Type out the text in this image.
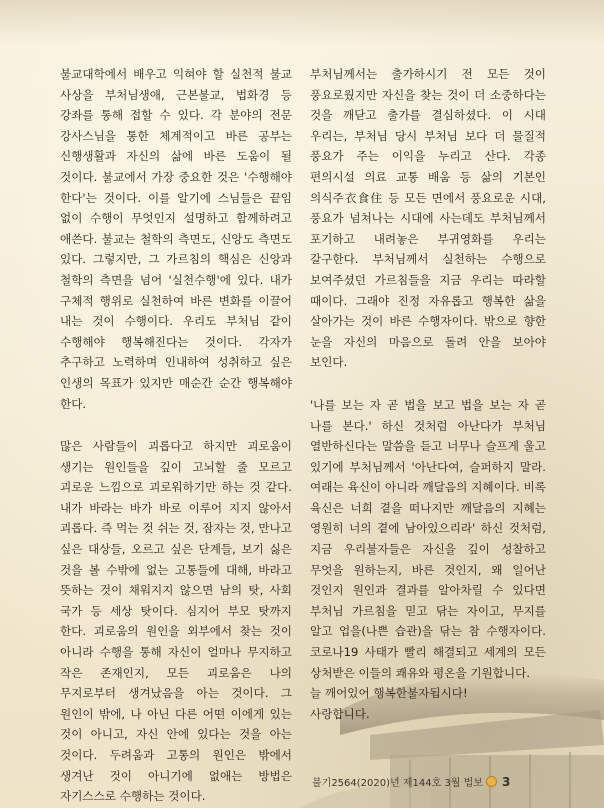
불교대학에서 배우고 익혀야 할 실천적 불교 사상을 부처님생애, 근본불교, 법화경 등 강좌를 통해 접할 수 있다. 각 분야의 전문 강사스님을 통한 체계적이고 바른 공부는 신행생활과 자신의 삶에 바른 도움이 될 것이다. 불교에서 가장 중요한 것은 '수행해야 한다'는 것이다. 이를 알기에 스님들은 끝임 없이 수행이 무엇인지 설명하고 함께하려고 애쓴다. 불교는 철학의 측면도, 신앙도 측면도 있다. 그렇지만, 그 가르침의 핵심은 신앙과 철학의 측면을 넘어 '실천수행'에 있다. 내가 구체적 행위로 실천하여 바른 변화를 이끌어 내는 것이 수행이다. 우리도 부처님 같이 수행해야 행복해진다는 것이다. 각자가 추구하고 노력하며 인내하여 성취하고 싶은 인생의 목표가 있지만 매순간 순간 행복해야 한다.

많은 사람들이 괴롭다고 하지만 괴로움이 생기는 원인들을 깊이 고뇌할 줄 모르고 괴로운 느낌으로 괴로워하기만 하는 것 같다. 내가 바라는 바가 바로 이루어 지지 않아서 괴롭다. 즉 먹는 것 쉬는 것, 잠자는 것, 만나고 싶은 대상들, 오르고 싶은 단계들, 보기 싫은 것을 볼 수밖에 없는 고통들에 대해, 바라고 뜻하는 것이 채워지지 않으면 남의 탓, 사회 국가 등 세상 탓이다. 심지어 부모 탓까지 한다. 괴로움의 원인을 외부에서 찾는 것이 아니라 수행을 통해 자신이 얼마나 무지하고 작은 존재인지, 모든 괴로움은 나의 무지로부터 생겨났음을 아는 것이다. 그 원인이 밖에, 나 아닌 다른 어떤 이에게 있는 것이 아니고, 자신 안에 있다는 것을 아는 것이다. 두려움과 고통의 원인은 밖에서 생겨난 것이 아니기에 없애는 방법은 자기스스로 수행하는 것이다.

부처님께서는 출가하시기 전 모든 것이 풍요로웠지만 자신을 찾는 것이 더 소중하다는 것을 깨닫고 출가를 결심하셨다. 이 시대 우리는, 부처님 당시 부처님 보다 더 물질적 풍요가 주는 이익을 누리고 산다. 각종 편의시설 의료 교통 배움 등 삶의 기본인 의식주衣食住 등 모든 면에서 풍요로운 시대, 풍요가 넘쳐나는 시대에 사는데도 부처님께서 포기하고 내려놓은 부귀영화를 우리는 갈구한다. 부처님께서 실천하는 수행으로 보여주셨던 가르침들을 지금 우리는 따라할 때이다. 그래야 진정 자유롭고 행복한 삶을 살아가는 것이 바른 수행자이다. 밖으로 향한 눈을 자신의 마음으로 돌려 안을 보아야 보인다.

'나를 보는 자 곧 법을 보고 법을 보는 자 곧 나를 본다.' 하신 것처럼 아난다가 부처님 열반하신다는 말씀을 듣고 너무나 슬프게 울고 있기에 부처님께서 '아난다여, 슬퍼하지 말라. 여래는 육신이 아니라 깨달음의 지혜이다. 비록 육신은 너희 곁을 떠나지만 깨달음의 지혜는 영원히 너의 곁에 남아있으리라' 하신 것처럼, 지금 우리불자들은 자신을 깊이 성찰하고 무엇을 원하는지, 바른 것인지, 왜 일어난 것인지 원인과 결과를 알아차릴 수 있다면 부처님 가르침을 믿고 닦는 자이고, 무지를 알고 업을(나쁜 습관)을 닦는 참 수행자이다. 코로나19 사태가 빨리 해결되고 세계의 모든 상처받은 이들의 쾌유와 평온을 기원합니다.

늘 깨어있어 행복한불자됩시다!

사랑합니다.

불기2564(2020)년 제144호 3월 법보 3
